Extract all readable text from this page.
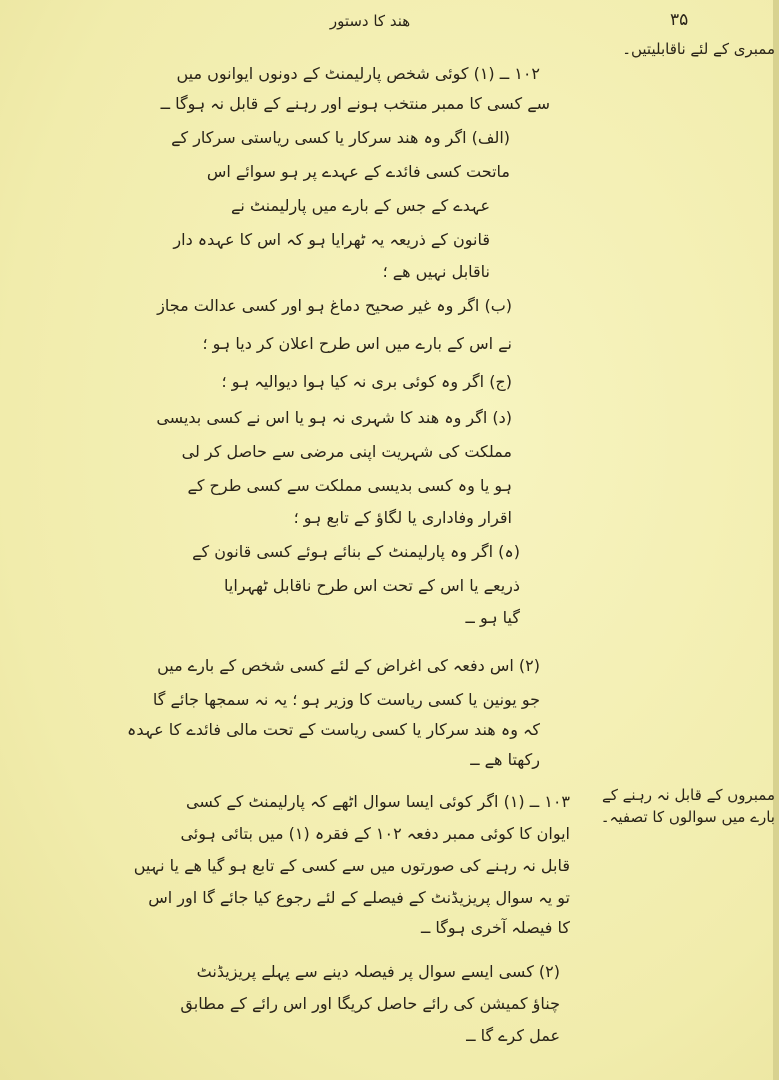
ھند کا دستور	۳۵
ممبری کے لئے ناقابلیتیں۔
ممبروں کے قابل نہ رہنے کے بارے میں سوالوں کا تصفیہ۔
۱۰۲ ــ (۱) کوئی شخص پارلیمنٹ کے دونوں ایوانوں میں
سے کسی کا ممبر منتخب ہونے اور رہنے کے قابل نہ ہوگا ــ
(الف) اگر وہ ھند سرکار یا کسی ریاستی سرکار کے
ماتحت کسی فائدے کے عہدے پر ہو سوائے اس
عہدے کے جس کے بارے میں پارلیمنٹ نے
قانون کے ذریعہ یہ ٹھرایا ہو کہ اس کا عہدہ دار
ناقابل نہیں ھے ؛
(ب) اگر وہ غیر صحیح دماغ ہو اور کسی عدالت مجاز
نے اس کے بارے میں اس طرح اعلان کر دیا ہو ؛
(ج) اگر وہ کوئی بری نہ کیا ہوا دیوالیہ ہو ؛
(د) اگر وہ ھند کا شہری نہ ہو یا اس نے کسی بدیسی
مملکت کی شہریت اپنی مرضی سے حاصل کر لی
ہو یا وہ کسی بدیسی مملکت سے کسی طرح کے
اقرار وفاداری یا لگاؤ کے تابع ہو ؛
(ہ) اگر وہ پارلیمنٹ کے بنائے ہوئے کسی قانون کے
ذریعے یا اس کے تحت اس طرح ناقابل ٹھہرایا
گیا ہو ــ
(۲) اس دفعہ کی اغراض کے لئے کسی شخص کے بارے میں
جو یونین یا کسی ریاست کا وزیر ہو ؛ یہ نہ سمجھا جائے گا
کہ وہ ھند سرکار یا کسی ریاست کے تحت مالی فائدے کا عہدہ
رکھتا ھے ــ
۱۰۳ ــ (۱) اگر کوئی ایسا سوال اٹھے کہ پارلیمنٹ کے کسی
ایوان کا کوئی ممبر دفعہ ۱۰۲ کے فقرہ (۱) میں بتائی ہوئی
قابل نہ رہنے کی صورتوں میں سے کسی کے تابع ہو گیا ھے یا نہیں
تو یہ سوال پریزیڈنٹ کے فیصلے کے لئے رجوع کیا جائے گا اور اس
کا فیصلہ آخری ہوگا ــ
(۲) کسی ایسے سوال پر فیصلہ دینے سے پہلے پریزیڈنٹ
چناؤ کمیشن کی رائے حاصل کریگا اور اس رائے کے مطابق
عمل کرے گا ــ
